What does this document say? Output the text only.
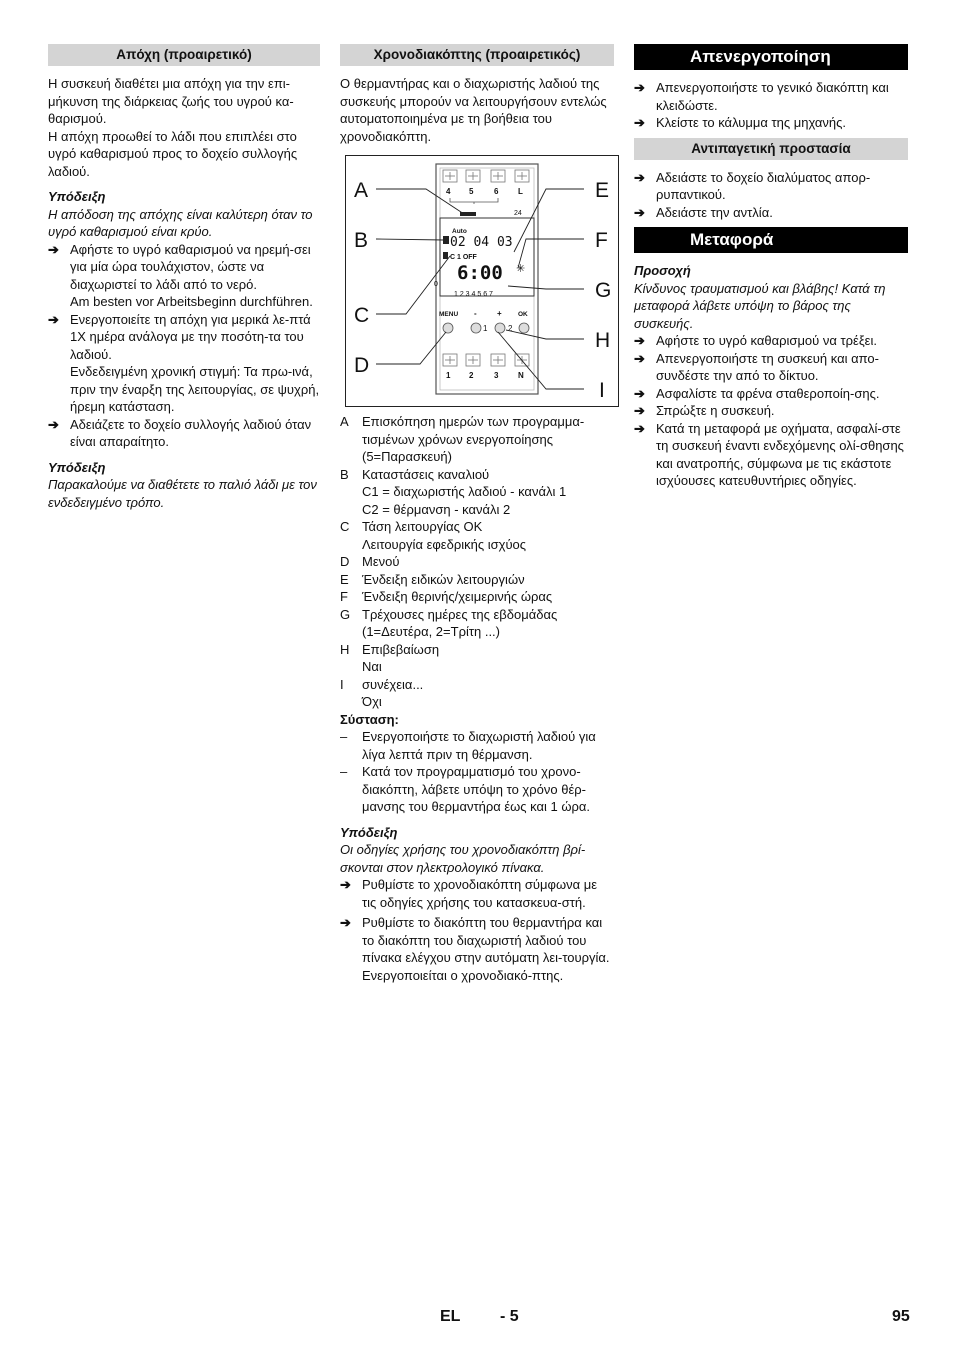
Απόχη (προαιρετικό)

Η συσκευή διαθέτει μια απόχη για την επι-μήκυνση της διάρκειας ζωής του υγρού κα-θαρισμού.

Η απόχη προωθεί το λάδι που επιπλέει στο υγρό καθαρισμού προς το δοχείο συλλογής λαδιού.

Υπόδειξη

Η απόδοση της απόχης είναι καλύτερη όταν το υγρό καθαρισμού είναι κρύο.

➔ Αφήστε το υγρό καθαρισμού να ηρεμή-σει για μία ώρα τουλάχιστον, ώστε να διαχωριστεί το λάδι από το νερό.

Am besten vor Arbeitsbeginn durchführen.

➔ Ενεργοποιείτε τη απόχη για μερικά λε-πτά 1X ημέρα ανάλογα με την ποσότη-τα του λαδιού.

Ενδεδειγμένη χρονική στιγμή: Τα πρω-ινά, πριν την έναρξη της λειτουργίας, σε ψυχρή, ήρεμη κατάσταση.

➔ Αδειάζετε το δοχείο συλλογής λαδιού όταν είναι απαραίτητο.

Υπόδειξη

Παρακαλούμε να διαθέτετε το παλιό λάδι με τον ενδεδειγμένο τρόπο.

Χρονοδιακόπτης (προαιρετικός)

Ο θερμαντήρας και ο διαχωριστής λαδιού της συσκευής μπορούν να λειτουργήσουν εντελώς αυτοματοποιημένα με τη βοήθεια του χρονοδιακόπτη.

4 5	6 L
24
Auto
02 04 03
C 1 OFF
6:00 ✳
0
1 2 3 4 5 6 7
MENU -	+	OK
1	2
1 2	3 N
A
B
C
D
E
F
G
H
I
A Επισκόπηση ημερών των προγραμμα-τισμένων χρόνων ενεργοποίησης (5=Παρασκευή)
B Καταστάσεις καναλιού
C1 = διαχωριστής λαδιού - κανάλι 1
C2 = θέρμανση - κανάλι 2
C Τάση λειτουργίας ΟΚ
Λειτουργία εφεδρικής ισχύος
D Μενού
E Ένδειξη ειδικών λειτουργιών
F Ένδειξη θερινής/χειμερινής ώρας
G Τρέχουσες ημέρες της εβδομάδας (1=Δευτέρα, 2=Τρίτη ...)
H Επιβεβαίωση
Ναι
I συνέχεια...
Όχι

Σύσταση:

– Ενεργοποιήστε το διαχωριστή λαδιού για λίγα λεπτά πριν τη θέρμανση.
– Κατά τον προγραμματισμό του χρονο-διακόπτη, λάβετε υπόψη το χρόνο θέρ-μανσης του θερμαντήρα έως και 1 ώρα.

Υπόδειξη

Οι οδηγίες χρήσης του χρονοδιακόπτη βρί-σκονται στον ηλεκτρολογικό πίνακα.

➔ Ρυθμίστε το χρονοδιακόπτη σύμφωνα με τις οδηγίες χρήσης του κατασκευα-στή.
➔ Ρυθμίστε το διακόπτη του θερμαντήρα και το διακόπτη του διαχωριστή λαδιού του πίνακα ελέγχου στην αυτόματη λει-τουργία. Ενεργοποιείται ο χρονοδιακό-πτης.
Απενεργοποίηση
➔ Απενεργοποιήστε το γενικό διακόπτη και κλειδώστε.
➔ Κλείστε το κάλυμμα της μηχανής.
Αντιπαγετική προστασία
➔ Αδειάστε το δοχείο διαλύματος απορ-ρυπαντικού.
➔ Αδειάστε την αντλία.
Μεταφορά

Προσοχή

Κίνδυνος τραυματισμού και βλάβης! Κατά τη μεταφορά λάβετε υπόψη το βάρος της συσκευής.

➔ Αφήστε το υγρό καθαρισμού να τρέξει.
➔ Απενεργοποιήστε τη συσκευή και απο-συνδέστε την από το δίκτυο.
➔ Ασφαλίστε τα φρένα σταθεροποίη-σης.
➔ Σπρώξτε η συσκευή.
➔ Κατά τη μεταφορά με οχήματα, ασφαλί-στε τη συσκευή έναντι ενδεχόμενης ολί-σθησης και ανατροπής, σύμφωνα με τις εκάστοτε ισχύουσες κατευθυντήριες οδηγίες.
EL - 5	95
